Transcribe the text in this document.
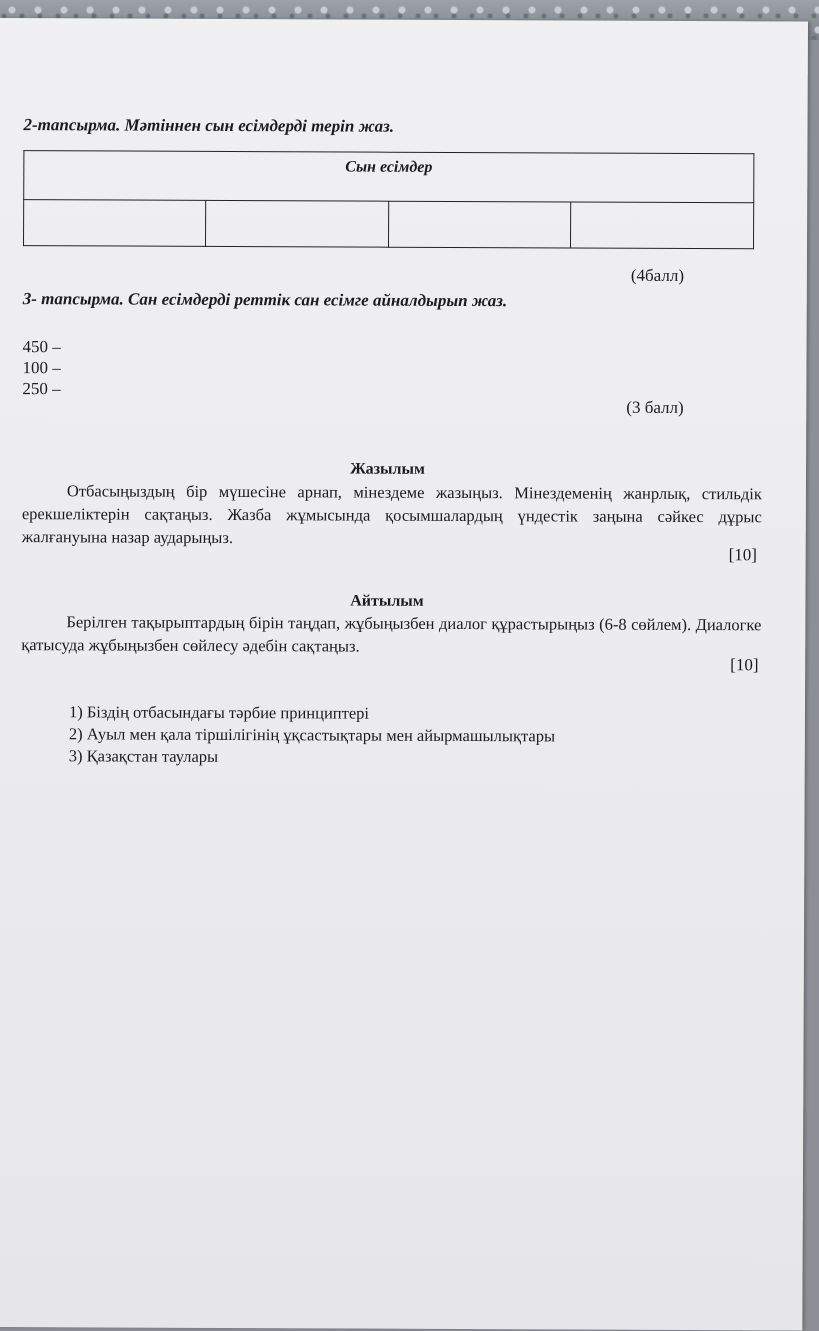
2-тапсырма. Мәтіннен сын есімдерді теріп жаз.
Сын есімдер

(4балл)
3- тапсырма. Сан есімдерді реттік сан есімге айналдырып жаз.
450 –
100 –
250 –
(3 балл)
Жазылым
Отбасыңыздың бір мүшесіне арнап, мінездеме жазыңыз. Мінездеменің жанрлық, стильдік ерекшеліктерін сақтаңыз. Жазба жұмысында қосымшалардың үндестік заңына сәйкес дұрыс жалғануына назар аударыңыз.
[10]
Айтылым
Берілген тақырыптардың бірін таңдап, жұбыңызбен диалог құрастырыңыз (6-8 сөйлем). Диалогке қатысуда жұбыңызбен сөйлесу әдебін сақтаңыз.
[10]
1) Біздің отбасындағы тәрбие принциптері
2) Ауыл мен қала тіршілігінің ұқсастықтары мен айырмашылықтары
3) Қазақстан таулары
